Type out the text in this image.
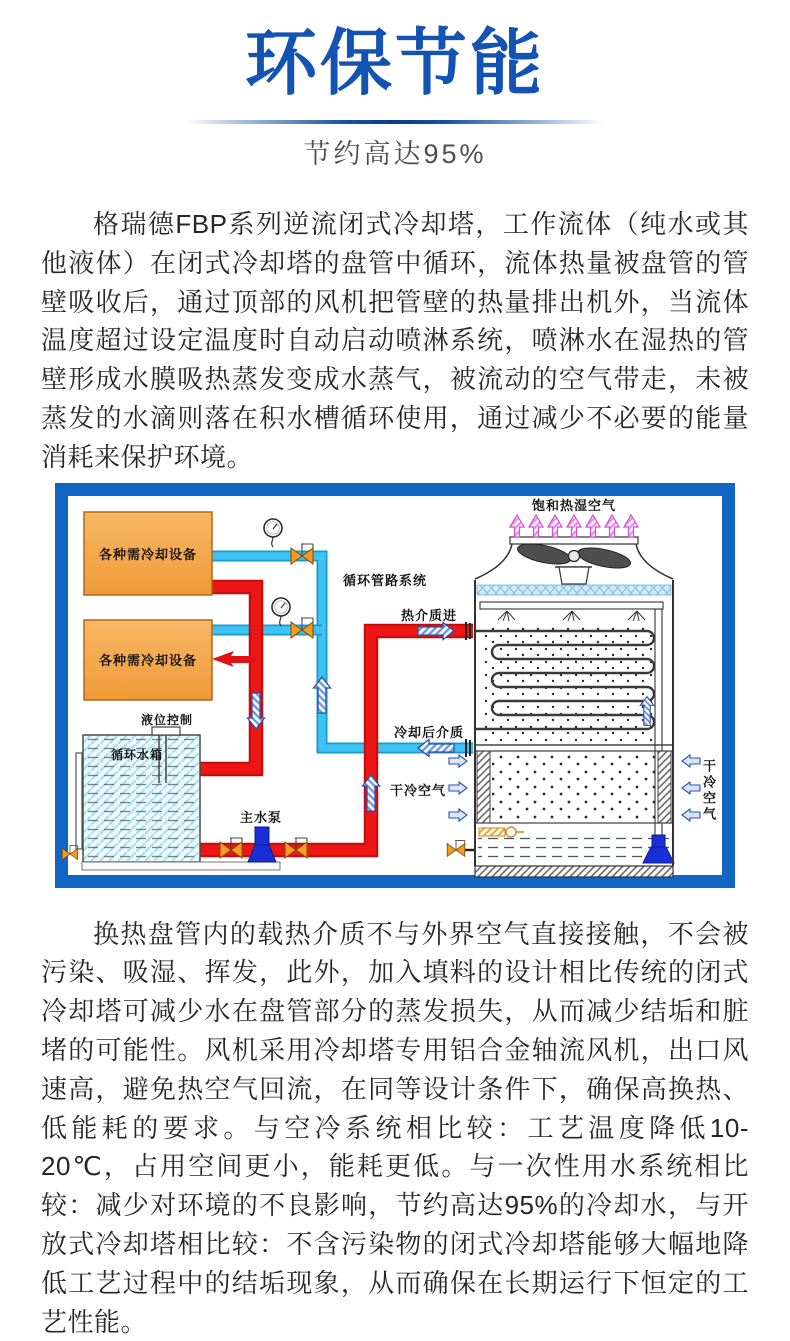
环保节能
节约高达95%

格瑞德FBP系列逆流闭式冷却塔，工作流体（纯水或其他液体）在闭式冷却塔的盘管中循环，流体热量被盘管的管壁吸收后，通过顶部的风机把管壁的热量排出机外，当流体温度超过设定温度时自动启动喷淋系统，喷淋水在湿热的管壁形成水膜吸热蒸发变成水蒸气，被流动的空气带走，未被蒸发的水滴则落在积水槽循环使用，通过减少不必要的能量消耗来保护环境。

各种需冷却设备
各种需冷却设备
液位控制
循环水箱
主水泵
循环管路系统
热介质进
冷却后介质
干冷空气
饱和热湿空气
干冷空气

换热盘管内的载热介质不与外界空气直接接触，不会被污染、吸湿、挥发，此外，加入填料的设计相比传统的闭式冷却塔可减少水在盘管部分的蒸发损失，从而减少结垢和脏堵的可能性。风机采用冷却塔专用铝合金轴流风机，出口风速高，避免热空气回流，在同等设计条件下，确保高换热、低能耗的要求。与空冷系统相比较：工艺温度降低10-20℃，占用空间更小，能耗更低。与一次性用水系统相比较：减少对环境的不良影响，节约高达95%的冷却水，与开放式冷却塔相比较：不含污染物的闭式冷却塔能够大幅地降低工艺过程中的结垢现象，从而确保在长期运行下恒定的工艺性能。
